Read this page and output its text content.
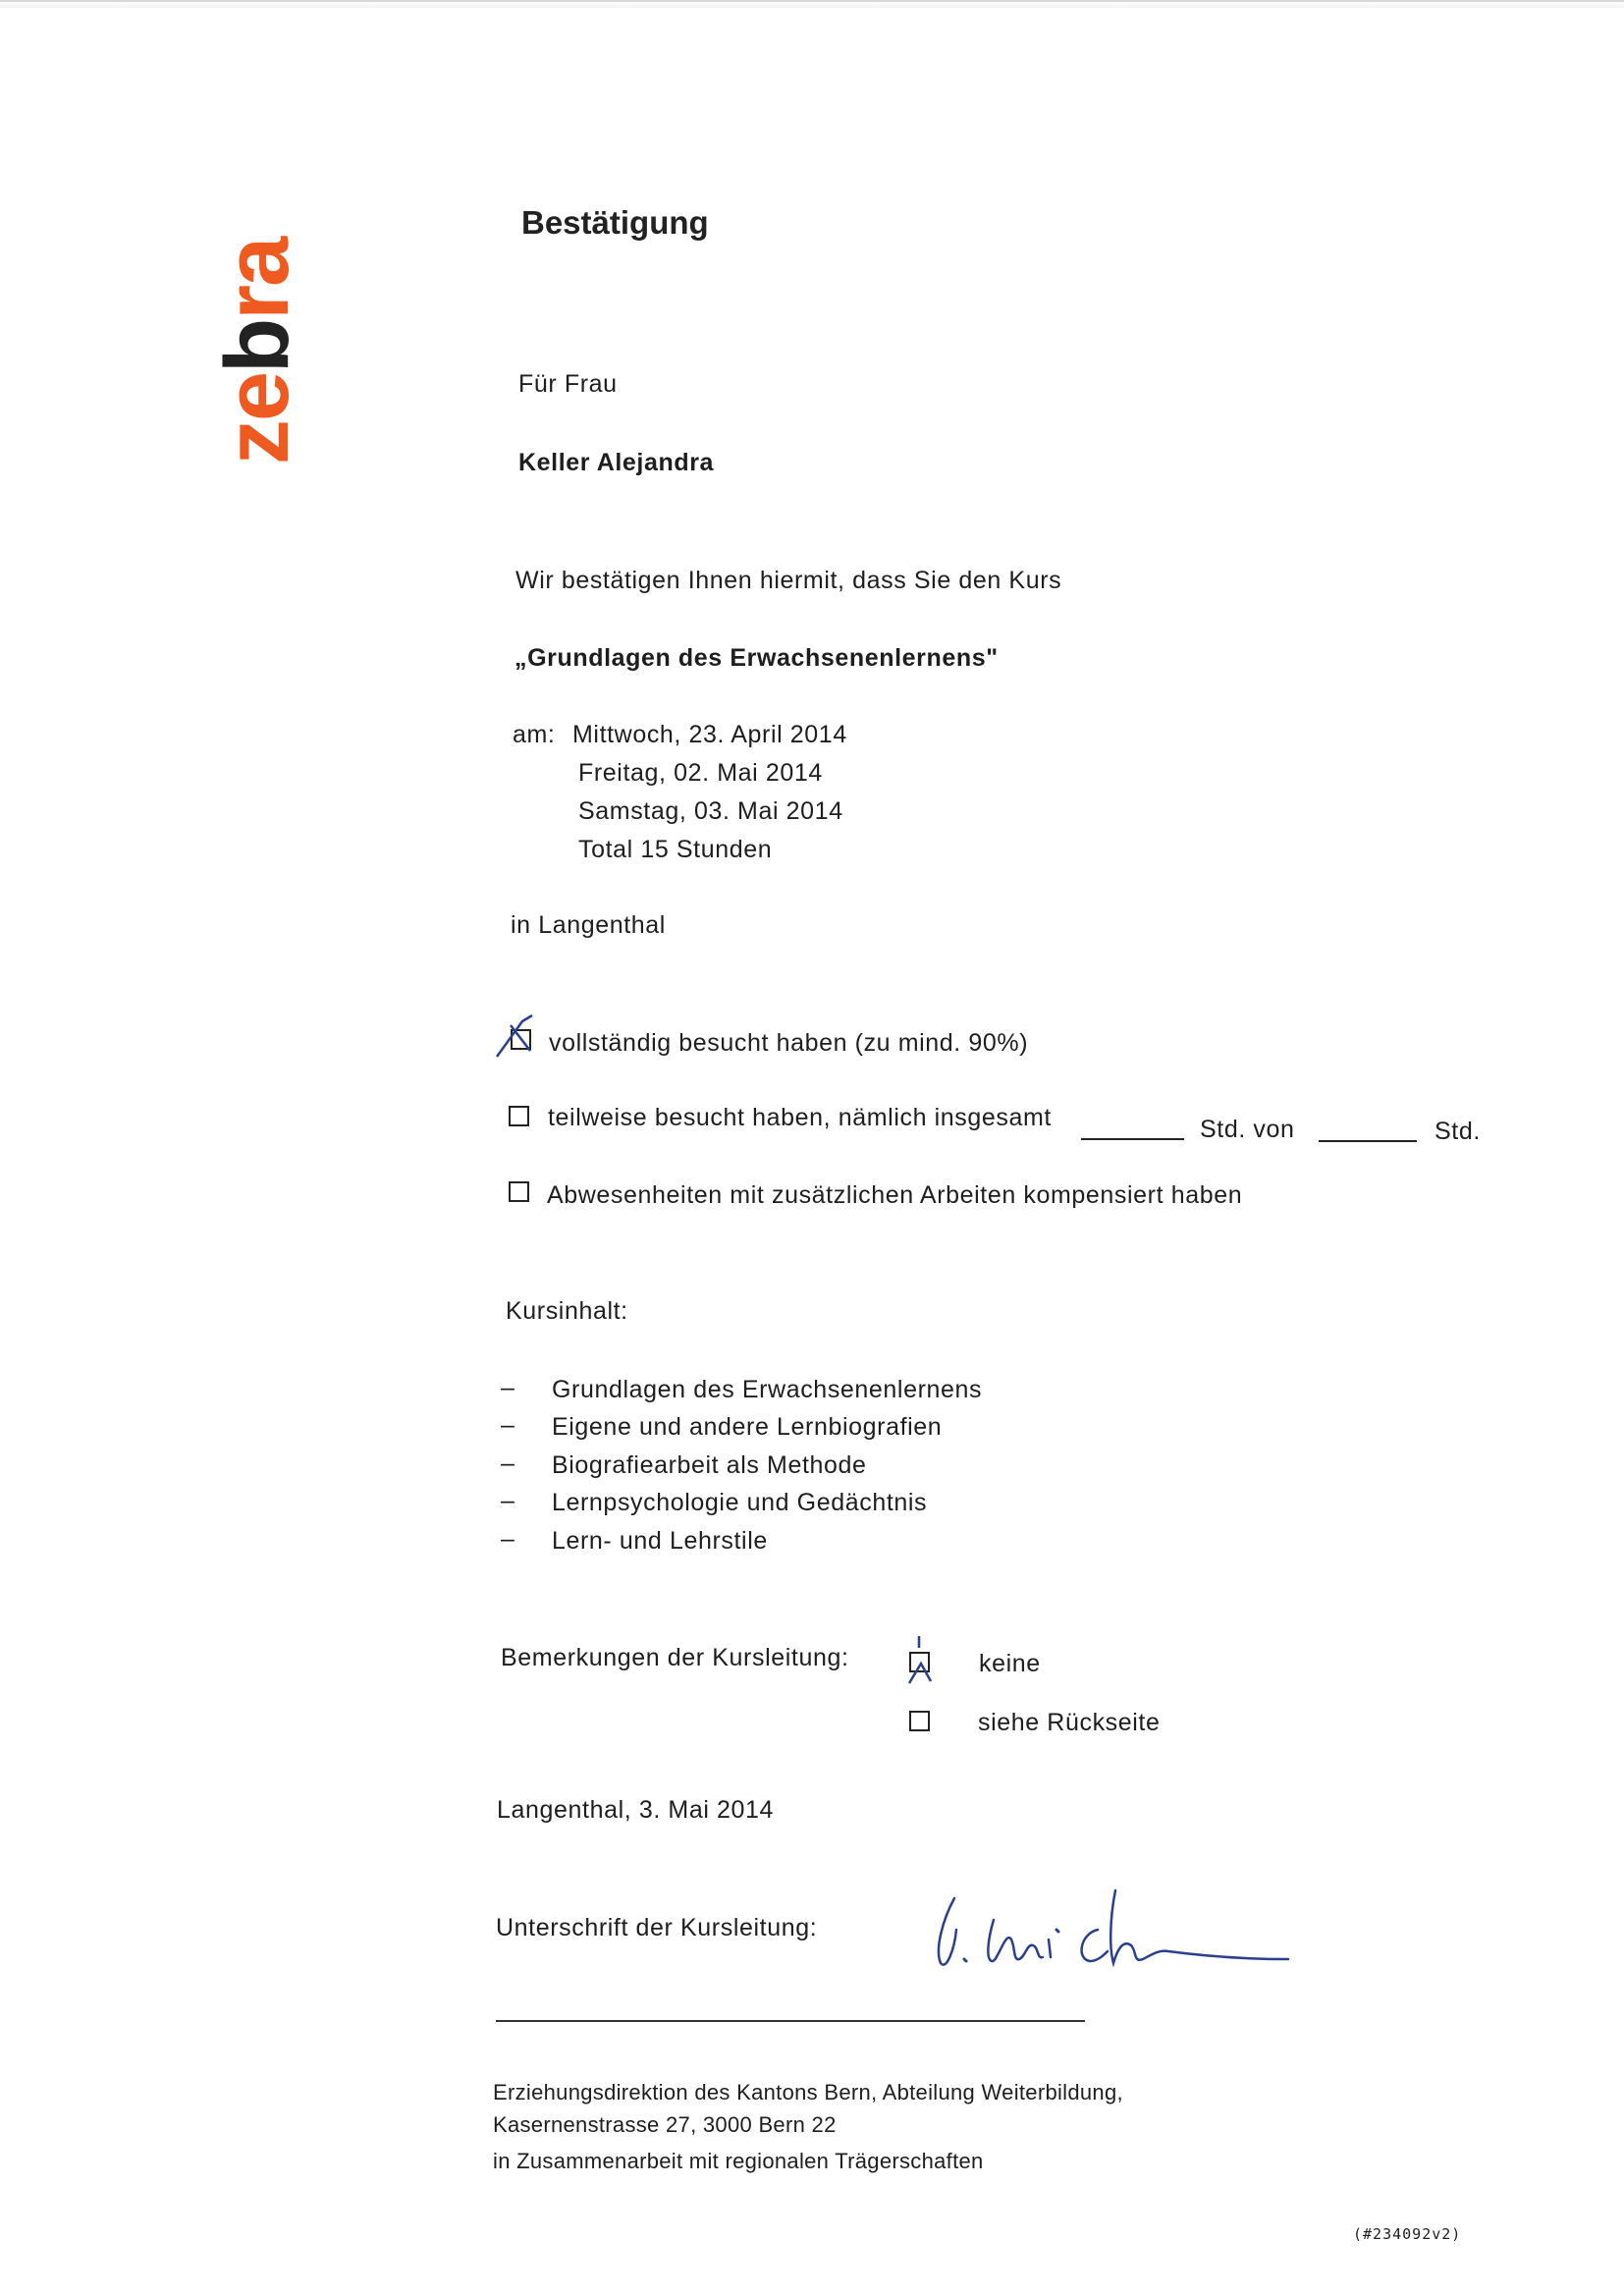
zebra
Bestätigung
Für Frau
Keller Alejandra
Wir bestätigen Ihnen hiermit, dass Sie den Kurs
„Grundlagen des Erwachsenenlernens"
am: Mittwoch, 23. April 2014
Freitag, 02. Mai 2014
Samstag, 03. Mai 2014
Total 15 Stunden
in Langenthal
vollständig besucht haben (zu mind. 90%)
teilweise besucht haben, nämlich insgesamt	Std. von	Std.
Abwesenheiten mit zusätzlichen Arbeiten kompensiert haben
Kursinhalt:
– Grundlagen des Erwachsenenlernens
– Eigene und andere Lernbiografien
– Biografiearbeit als Methode
– Lernpsychologie und Gedächtnis
– Lern- und Lehrstile
Bemerkungen der Kursleitung:	keine
siehe Rückseite
Langenthal, 3. Mai 2014
Unterschrift der Kursleitung:
Erziehungsdirektion des Kantons Bern, Abteilung Weiterbildung,
Kasernenstrasse 27, 3000 Bern 22
in Zusammenarbeit mit regionalen Trägerschaften
(#234092v2)
